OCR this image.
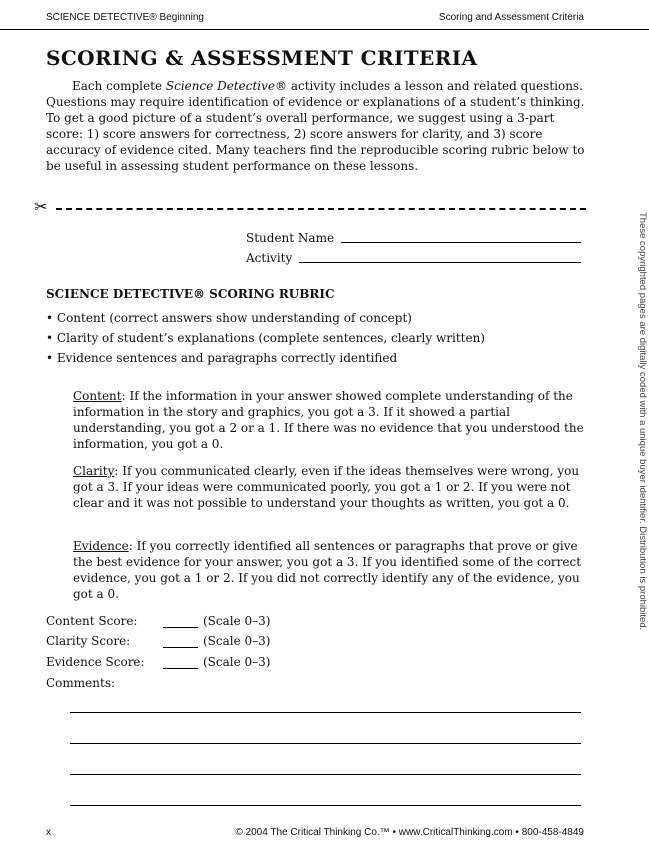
SCIENCE DETECTIVE® Beginning	Scoring and Assessment Criteria
SCORING & ASSESSMENT CRITERIA

Each complete Science Detective® activity includes a lesson and related questions. Questions may require identification of evidence or explanations of a student’s thinking. To get a good picture of a student’s overall performance, we suggest using a 3-part score: 1) score answers for correctness, 2) score answers for clarity, and 3) score accuracy of evidence cited. Many teachers find the reproducible scoring rubric below to be useful in assessing student performance on these lessons.

✂
Student Name
Activity
SCIENCE DETECTIVE® SCORING RUBRIC
• Content (correct answers show understanding of concept)
• Clarity of student’s explanations (complete sentences, clearly written)
• Evidence sentences and paragraphs correctly identified

Content: If the information in your answer showed complete understanding of the information in the story and graphics, you got a 3. If it showed a partial understanding, you got a 2 or a 1. If there was no evidence that you understood the information, you got a 0.

Clarity: If you communicated clearly, even if the ideas themselves were wrong, you got a 3. If your ideas were communicated poorly, you got a 1 or 2. If you were not clear and it was not possible to understand your thoughts as written, you got a 0.

Evidence: If you correctly identified all sentences or paragraphs that prove or give the best evidence for your answer, you got a 3. If you identified some of the correct evidence, you got a 1 or 2. If you did not correctly identify any of the evidence, you got a 0.

Content Score:	(Scale 0–3)
Clarity Score:	(Scale 0–3)
Evidence Score:	(Scale 0–3)
Comments:
These copyrighted pages are digitally coded with a unique buyer identifier. Distribution is prohibited.
x	© 2004 The Critical Thinking Co.™ • www.CriticalThinking.com • 800-458-4849
